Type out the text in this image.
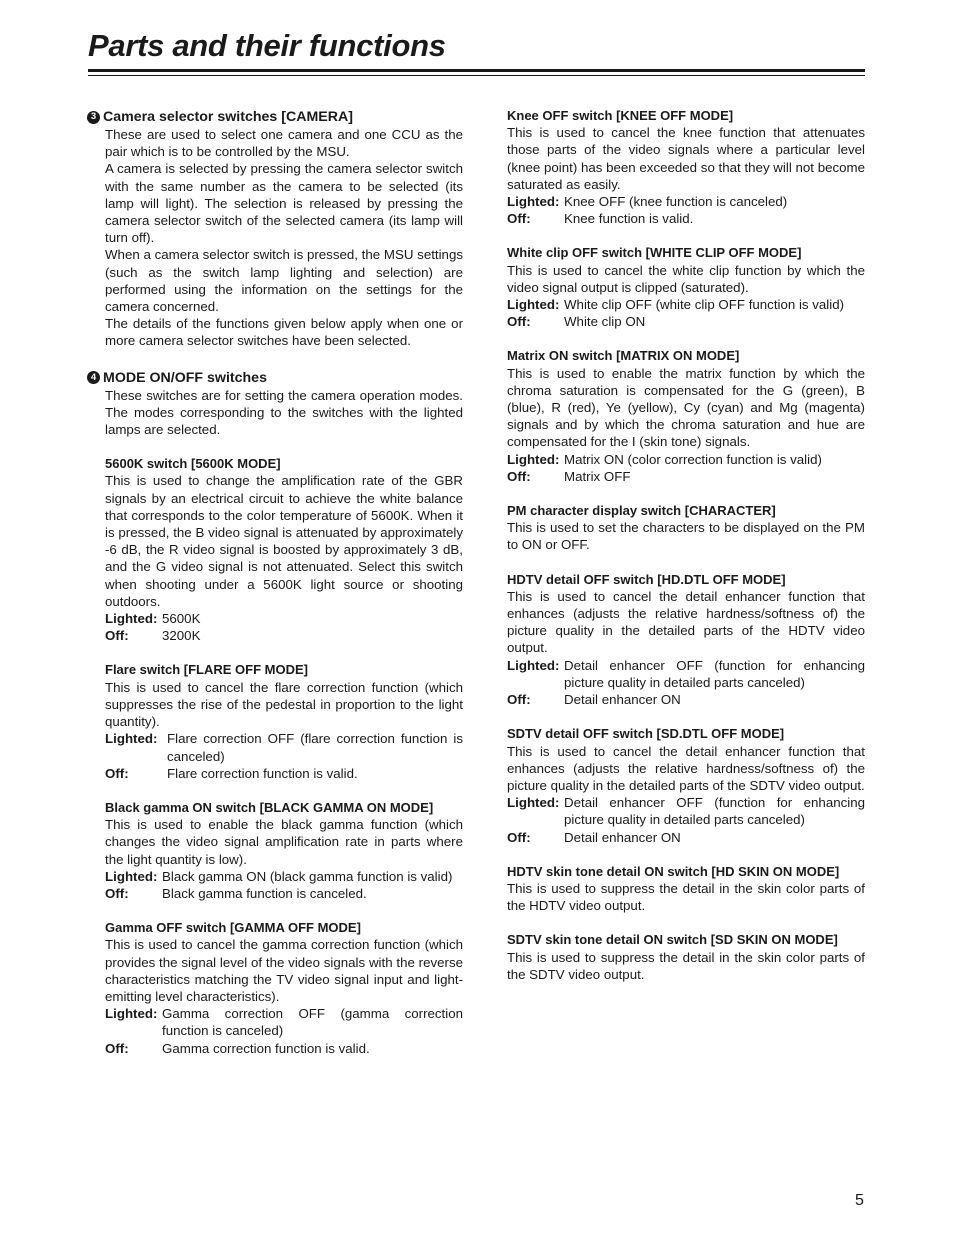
Parts and their functions
3 Camera selector switches [CAMERA]

These are used to select one camera and one CCU as the pair which is to be controlled by the MSU.

A camera is selected by pressing the camera selector switch with the same number as the camera to be selected (its lamp will light). The selection is released by pressing the camera selector switch of the selected camera (its lamp will turn off).

When a camera selector switch is pressed, the MSU settings (such as the switch lamp lighting and selection) are performed using the information on the settings for the camera concerned.

The details of the functions given below apply when one or more camera selector switches have been selected.

4 MODE ON/OFF switches

These switches are for setting the camera operation modes. The modes corresponding to the switches with the lighted lamps are selected.

5600K switch [5600K MODE]

This is used to change the amplification rate of the GBR signals by an electrical circuit to achieve the white balance that corresponds to the color temperature of 5600K. When it is pressed, the B video signal is attenuated by approximately -6 dB, the R video signal is boosted by approximately 3 dB, and the G video signal is not attenuated. Select this switch when shooting under a 5600K light source or shooting outdoors.

Lighted: 5600K
Off:	3200K
Flare switch [FLARE OFF MODE]

This is used to cancel the flare correction function (which suppresses the rise of the pedestal in proportion to the light quantity).

Lighted: Flare correction OFF (flare correction function is canceled)
Off:	Flare correction function is valid.
Black gamma ON switch [BLACK GAMMA ON MODE]

This is used to enable the black gamma function (which changes the video signal amplification rate in parts where the light quantity is low).

Lighted: Black gamma ON (black gamma function is valid)
Off:	Black gamma function is canceled.
Gamma OFF switch [GAMMA OFF MODE]

This is used to cancel the gamma correction function (which provides the signal level of the video signals with the reverse characteristics matching the TV video signal input and light-emitting level characteristics).

Lighted: Gamma correction OFF (gamma correction function is canceled)
Off:	Gamma correction function is valid.
Knee OFF switch [KNEE OFF MODE]

This is used to cancel the knee function that attenuates those parts of the video signals where a particular level (knee point) has been exceeded so that they will not become saturated as easily.

Lighted: Knee OFF (knee function is canceled)
Off:	Knee function is valid.
White clip OFF switch [WHITE CLIP OFF MODE]

This is used to cancel the white clip function by which the video signal output is clipped (saturated).

Lighted: White clip OFF (white clip OFF function is valid)
Off:	White clip ON
Matrix ON switch [MATRIX ON MODE]

This is used to enable the matrix function by which the chroma saturation is compensated for the G (green), B (blue), R (red), Ye (yellow), Cy (cyan) and Mg (magenta) signals and by which the chroma saturation and hue are compensated for the I (skin tone) signals.

Lighted: Matrix ON (color correction function is valid)
Off:	Matrix OFF
PM character display switch [CHARACTER]

This is used to set the characters to be displayed on the PM to ON or OFF.

HDTV detail OFF switch [HD.DTL OFF MODE]

This is used to cancel the detail enhancer function that enhances (adjusts the relative hardness/softness of) the picture quality in the detailed parts of the HDTV video output.

Lighted: Detail enhancer OFF (function for enhancing picture quality in detailed parts canceled)
Off:	Detail enhancer ON
SDTV detail OFF switch [SD.DTL OFF MODE]

This is used to cancel the detail enhancer function that enhances (adjusts the relative hardness/softness of) the picture quality in the detailed parts of the SDTV video output.

Lighted: Detail enhancer OFF (function for enhancing picture quality in detailed parts canceled)
Off:	Detail enhancer ON
HDTV skin tone detail ON switch [HD SKIN ON MODE]

This is used to suppress the detail in the skin color parts of the HDTV video output.

SDTV skin tone detail ON switch [SD SKIN ON MODE]

This is used to suppress the detail in the skin color parts of the SDTV video output.

5
